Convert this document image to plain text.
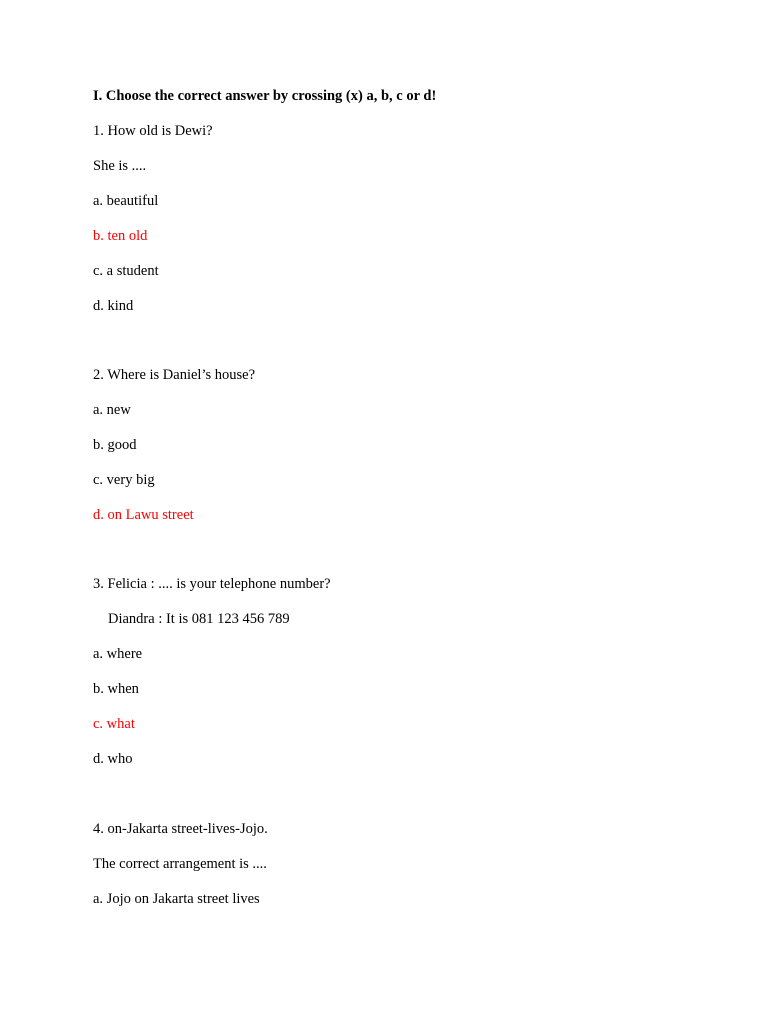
I. Choose the correct answer by crossing (x) a, b, c or d!
1. How old is Dewi?
She is ....
a. beautiful
b. ten old
c. a student
d. kind
2. Where is Daniel’s house?
a. new
b. good
c. very big
d. on Lawu street
3. Felicia : .... is your telephone number?
Diandra : It is 081 123 456 789
a. where
b. when
c. what
d. who
4. on-Jakarta street-lives-Jojo.
The correct arrangement is ....
a. Jojo on Jakarta street lives
